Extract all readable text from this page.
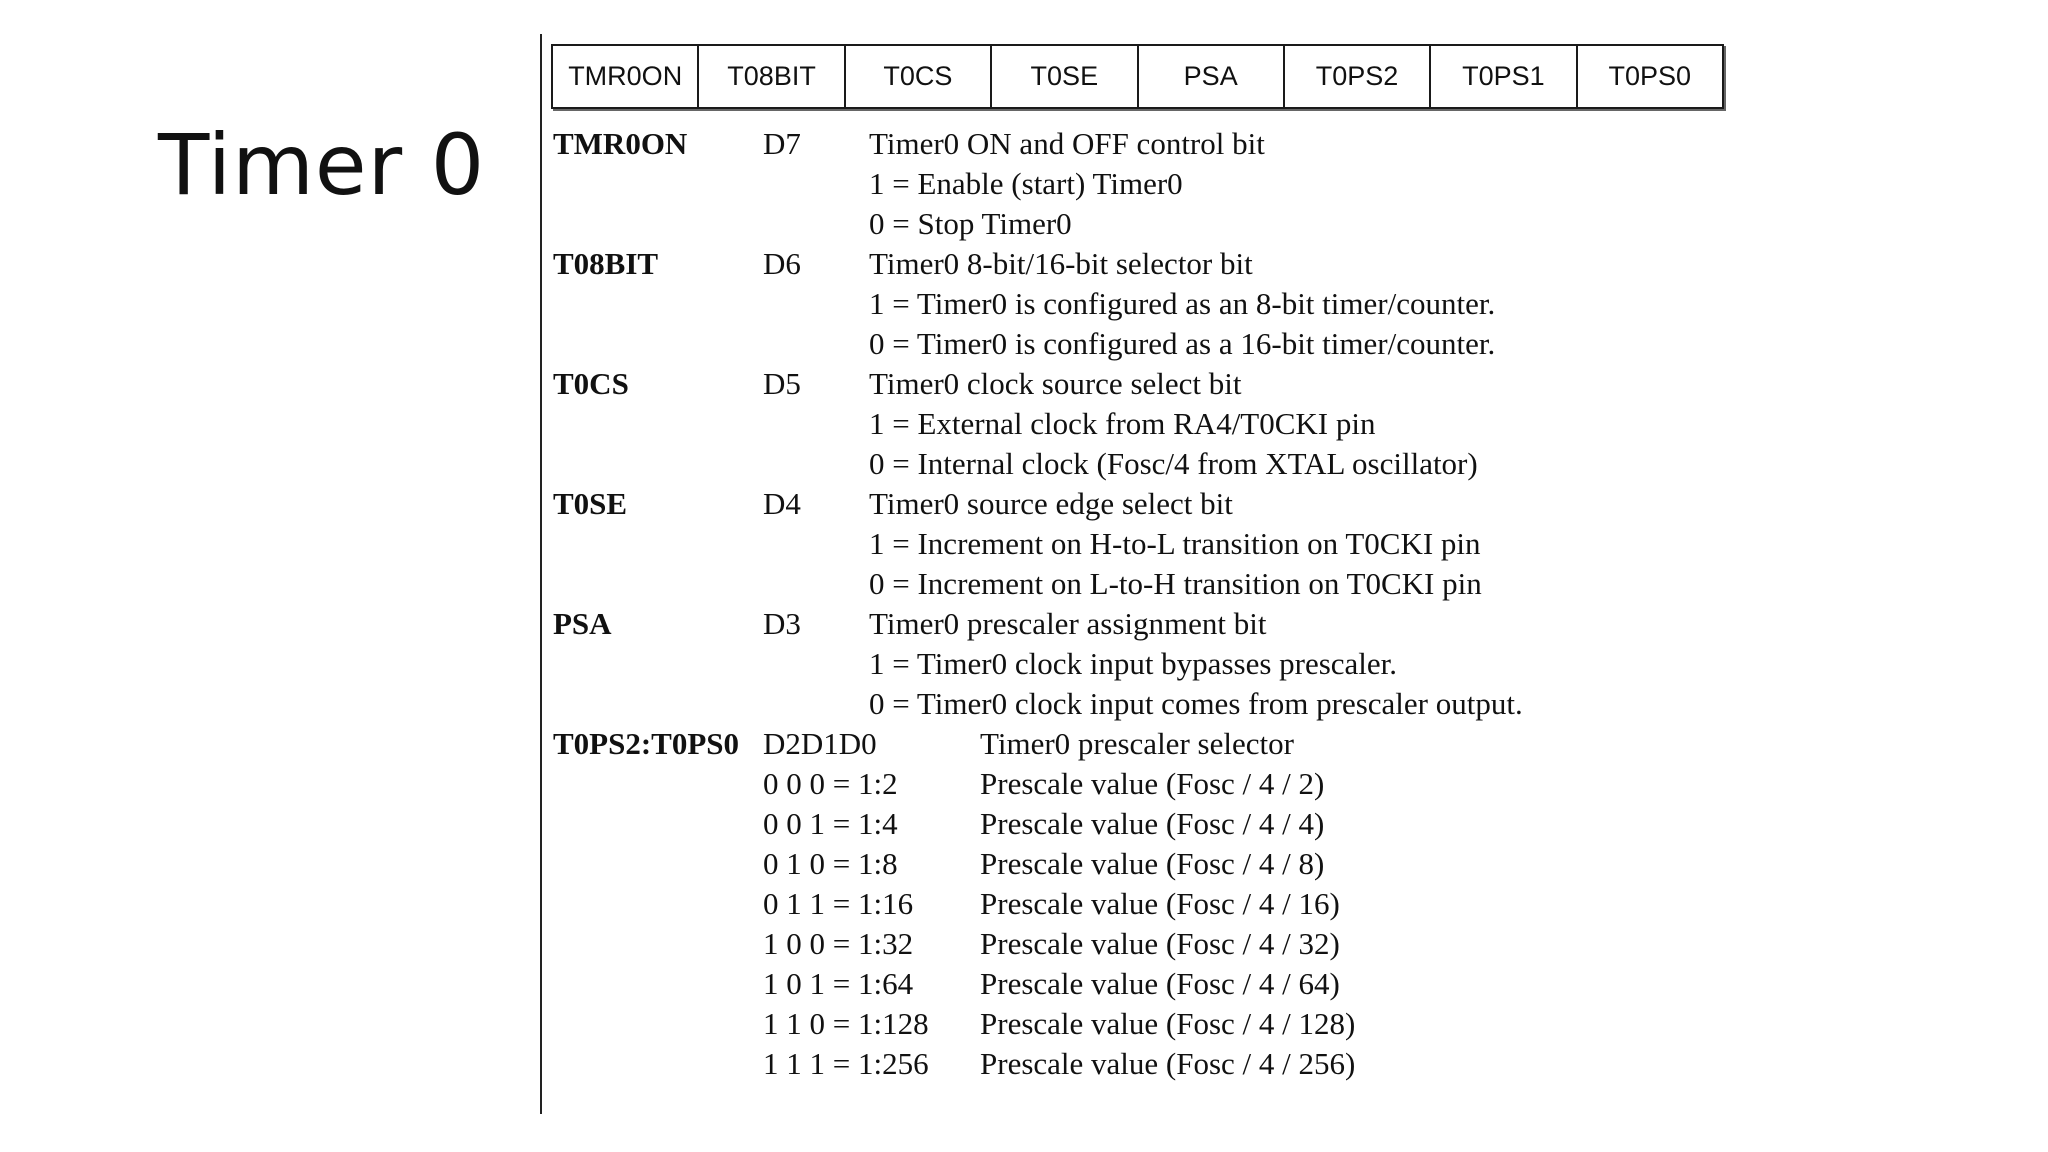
Timer 0
TMR0ON	T08BIT	T0CS	T0SE	PSA	T0PS2	T0PS1	T0PS0
TMR0ON D7 Timer0 ON and OFF control bit
1 = Enable (start) Timer0
0 = Stop Timer0
T08BIT	D6 Timer0 8-bit/16-bit selector bit
1 = Timer0 is configured as an 8-bit timer/counter.
0 = Timer0 is configured as a 16-bit timer/counter.
T0CS	D5 Timer0 clock source select bit
1 = External clock from RA4/T0CKI pin
0 = Internal clock (Fosc/4 from XTAL oscillator)
T0SE	D4 Timer0 source edge select bit
1 = Increment on H-to-L transition on T0CKI pin
0 = Increment on L-to-H transition on T0CKI pin
PSA	D3 Timer0 prescaler assignment bit
1 = Timer0 clock input bypasses prescaler.
0 = Timer0 clock input comes from prescaler output.
T0PS2:T0PS0 D2D1D0	Timer0 prescaler selector
0 0 0 = 1:2	Prescale value (Fosc / 4 / 2)
0 0 1 = 1:4	Prescale value (Fosc / 4 / 4)
0 1 0 = 1:8	Prescale value (Fosc / 4 / 8)
0 1 1 = 1:16 Prescale value (Fosc / 4 / 16)
1 0 0 = 1:32 Prescale value (Fosc / 4 / 32)
1 0 1 = 1:64 Prescale value (Fosc / 4 / 64)
1 1 0 = 1:128 Prescale value (Fosc / 4 / 128)
1 1 1 = 1:256 Prescale value (Fosc / 4 / 256)
